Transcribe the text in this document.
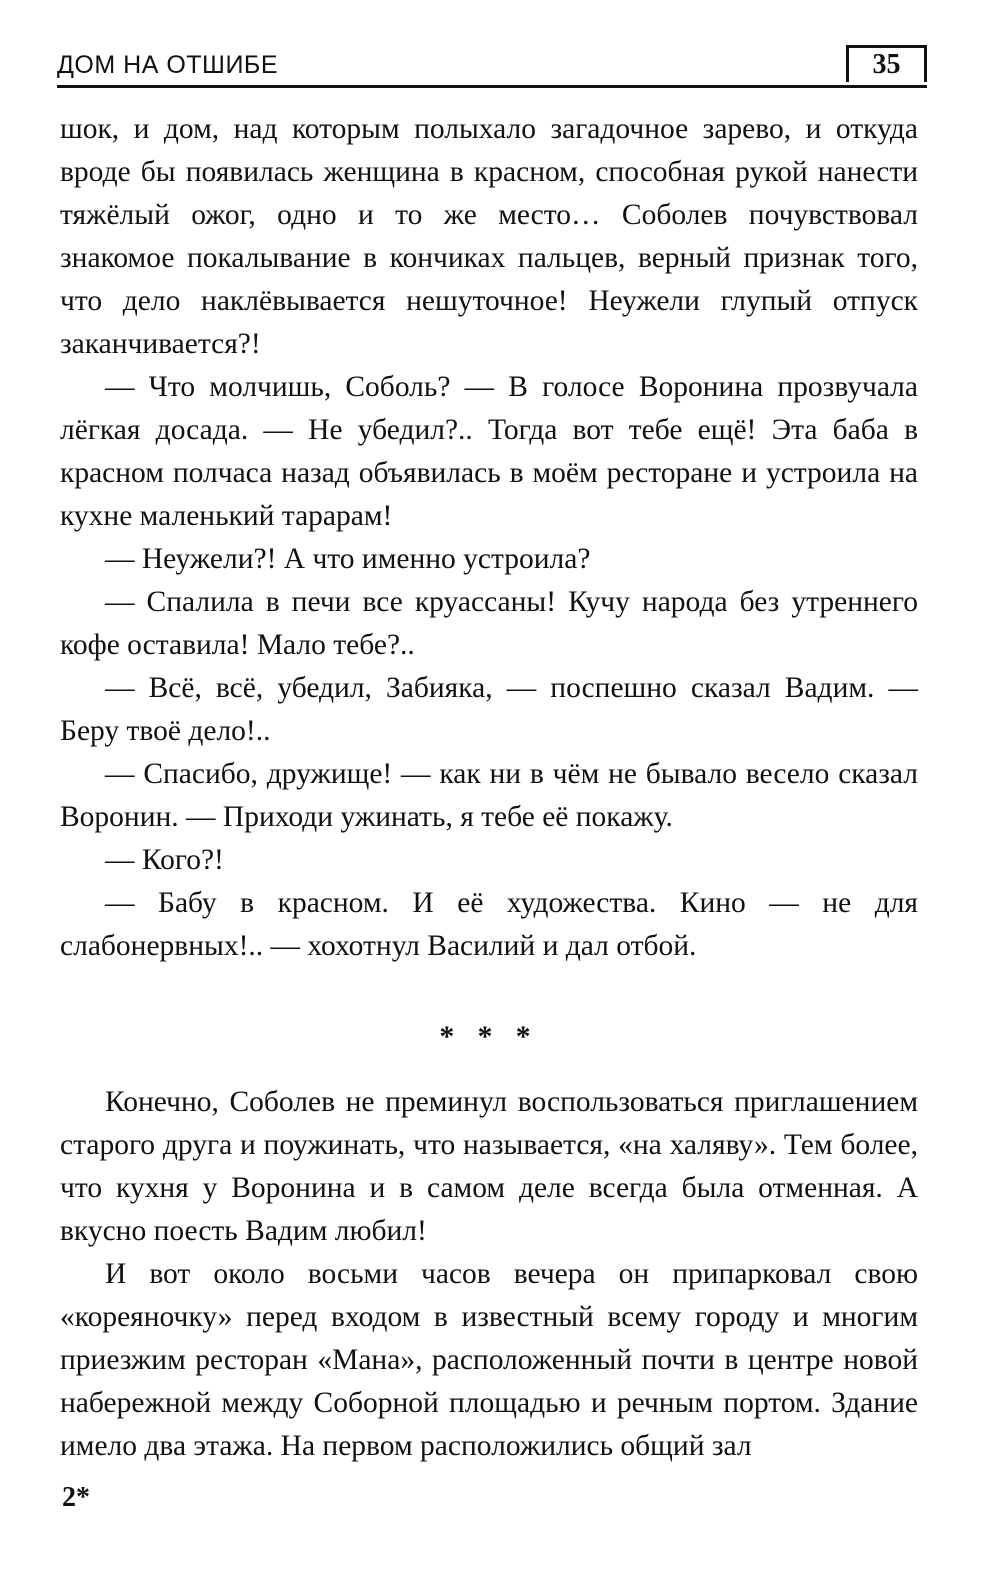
ДОМ НА ОТШИБЕ	35

шок, и дом, над которым полыхало загадочное зарево, и откуда вроде бы появилась женщина в красном, способная рукой нанести тяжёлый ожог, одно и то же место… Соболев почувствовал знакомое покалывание в кончиках пальцев, верный признак того, что дело наклёвывается нешуточное! Неужели глупый отпуск заканчивается?!

— Что молчишь, Соболь? — В голосе Воронина прозвучала лёгкая досада. — Не убедил?.. Тогда вот тебе ещё! Эта баба в красном полчаса назад объявилась в моём ресторане и устроила на кухне маленький тарарам!

— Неужели?! А что именно устроила?

— Спалила в печи все круассаны! Кучу народа без утреннего кофе оставила! Мало тебе?..

— Всё, всё, убедил, Забияка, — поспешно сказал Вадим. — Беру твоё дело!..

— Спасибо, дружище! — как ни в чём не бывало весело сказал Воронин. — Приходи ужинать, я тебе её покажу.

— Кого?!

— Бабу в красном. И её художества. Кино — не для слабонервных!.. — хохотнул Василий и дал отбой.

* * *

Конечно, Соболев не преминул воспользоваться приглашением старого друга и поужинать, что называется, «на халяву». Тем более, что кухня у Воронина и в самом деле всегда была отменная. А вкусно поесть Вадим любил!

И вот около восьми часов вечера он припарковал свою «кореяночку» перед входом в известный всему городу и многим приезжим ресторан «Мана», расположенный почти в центре новой набережной между Соборной площадью и речным портом. Здание имело два этажа. На первом расположились общий зал

2*
